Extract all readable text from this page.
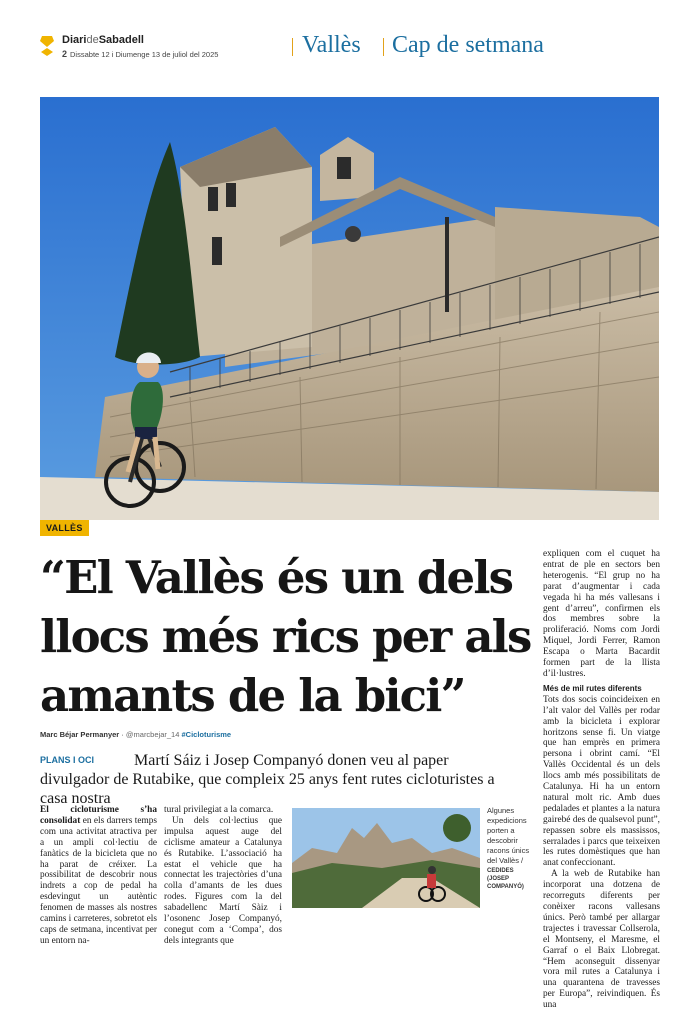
DiarideSabadell
2 Dissabte 12 i Diumenge 13 de juliol del 2025	Vallès Cap de setmana
VALLÈS
“El Vallès és un dels llocs més rics per als amants de la bici”
Marc Béjar Permanyer · @marcbejar_14 #Cicloturisme

Martí Sáiz i Josep Companyó donen veu al paper divulgador de Rutabike, que compleix 25 anys fent rutes cicloturistes a casa nostra

PLANS I OCI

El cicloturisme s’ha consolidat en els darrers temps com una activitat atractiva per a un ampli col·lectiu de fanàtics de la bicicleta que no ha parat de créixer. La possibilitat de descobrir nous indrets a cop de pedal ha esdevingut un autèntic fenomen de masses als nostres camins i carreteres, sobretot els caps de setmana, incentivat per un entorn na-

tural privilegiat a la comarca.
Un dels col·lectius que impulsa aquest auge del ciclisme amateur a Catalunya és Rutabike. L’associació ha estat el vehicle que ha connectat les trajectòries d’una colla d’amants de les dues rodes. Figures com la del sabadellenc Martí Sàiz i l’osonenc Josep Companyó, conegut com a ‘Compa’, dos dels integrants que

expliquen com el cuquet ha entrat de ple en sectors ben heterogenis. “El grup no ha parat d’augmentar i cada vegada hi ha més vallesans i gent d’arreu”, confirmen els dos membres sobre la proliferació. Noms com Jordi Miquel, Jordi Ferrer, Ramon Escapa o Marta Bacardit formen part de la llista d’il·lustres.
Més de mil rutes diferents
Tots dos socis coincideixen en l’alt valor del Vallès per rodar amb la bicicleta i explorar horitzons sense fi. Un viatge que han emprès en primera persona i obrint camí. “El Vallès Occidental és un dels llocs amb més possibilitats de Catalunya. Hi ha un entorn natural molt ric. Amb dues pedalades et plantes a la natura gairebé des de qualsevol punt”, repassen sobre els massissos, serralades i parcs que teixeixen les rutes domèstiques que han anat confeccionant.
A la web de Rutabike han incorporat una dotzena de recorreguts diferents per conèixer racons vallesans únics. Però també per allargar trajectes i travessar Collserola, el Montseny, el Maresme, el Garraf o el Baix Llobregat. “Hem aconseguit dissenyar vora mil rutes a Catalunya i una quarantena de travesses per Europa”, reivindiquen. És una

Algunes expedicions porten a descobrir racons únics del Vallès /
CEDIDES (JOSEP COMPANYÓ)
